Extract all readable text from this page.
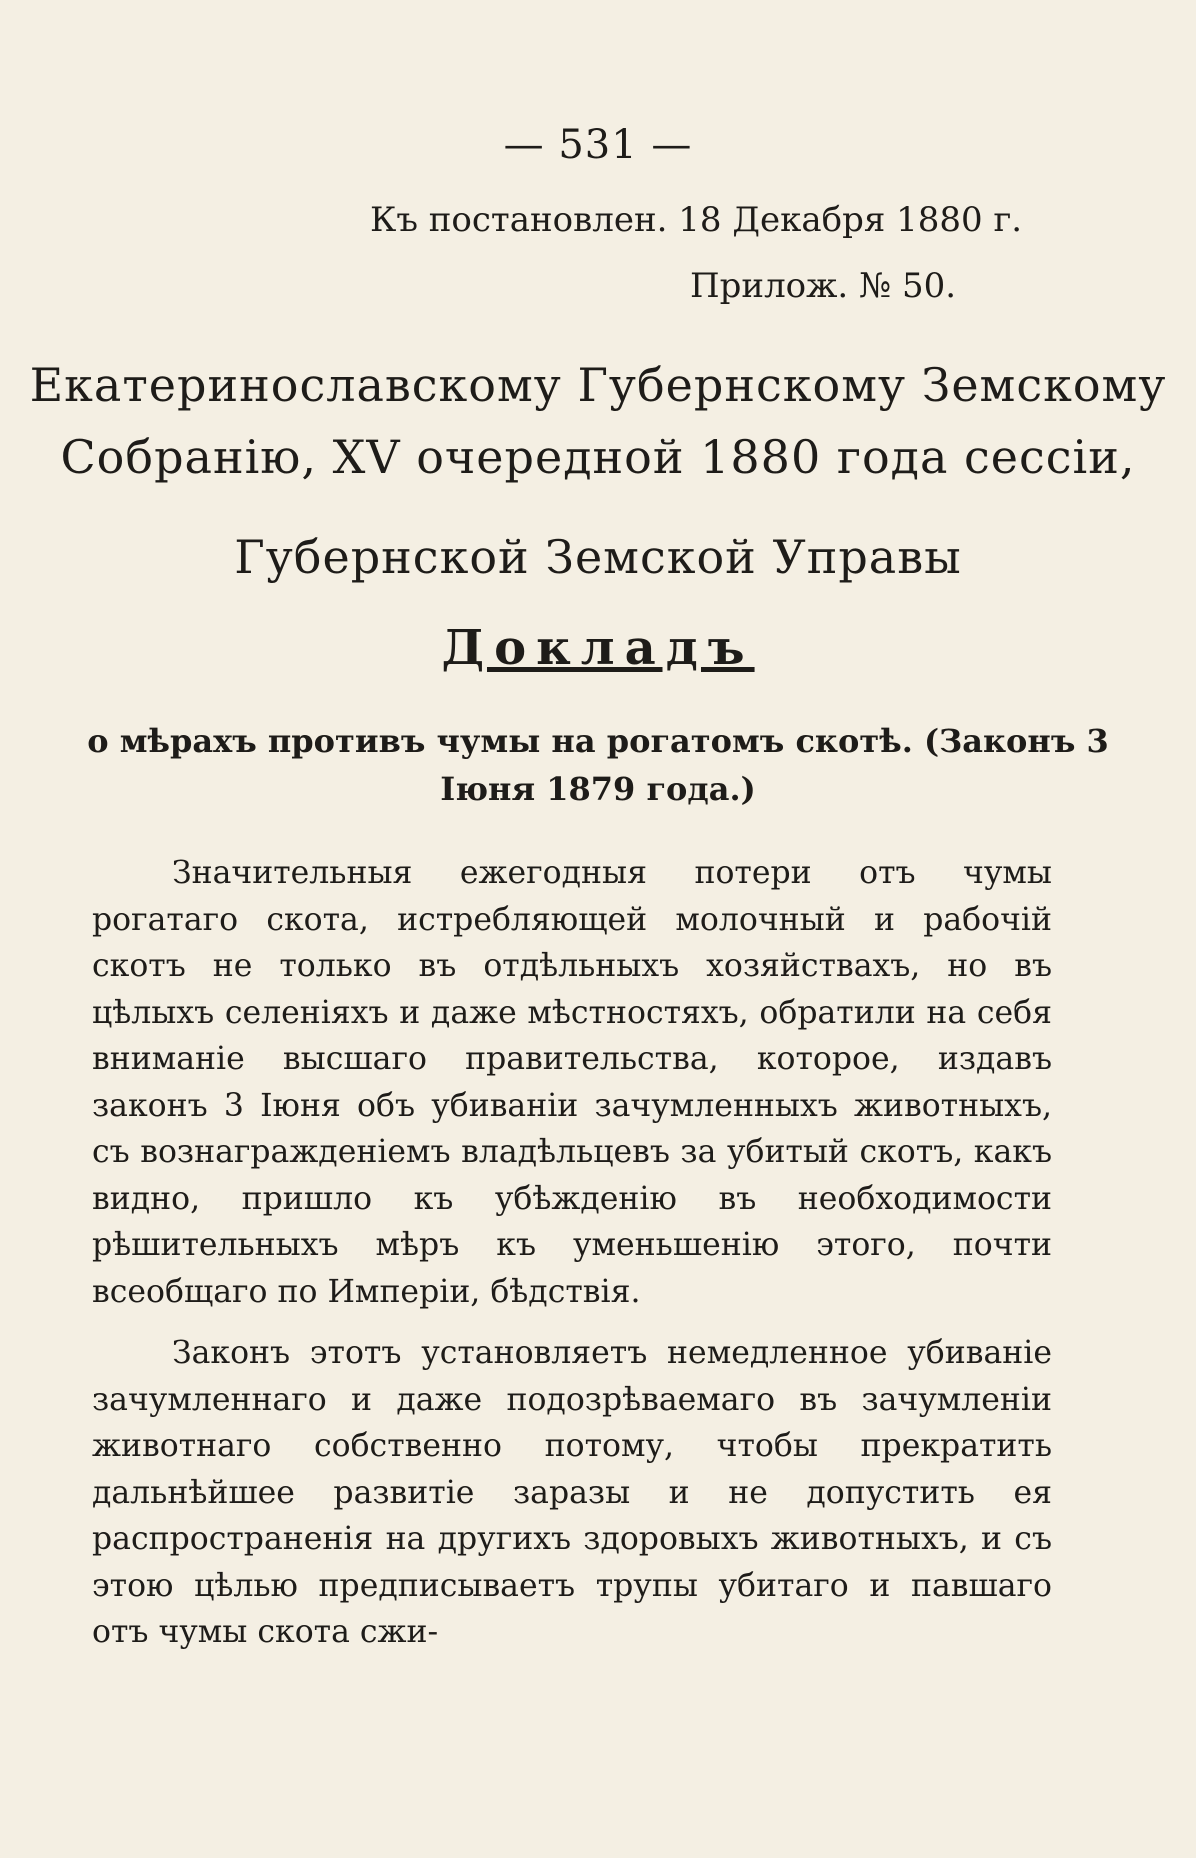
— 531 —
Къ постановлен. 18 Декабря 1880 г.
Прилож. № 50.
Екатеринославскому Губернскому Земскому
Собранію, XV очередной 1880 года сессіи,
Губернской Земской Управы
Докладъ
о мѣрахъ противъ чумы на рогатомъ скотѣ. (Законъ 3
Іюня 1879 года.)

Значительныя ежегодныя потери отъ чумы рогатаго скота, истребляющей молочный и рабочій скотъ не только въ отдѣльныхъ хозяйствахъ, но въ цѣлыхъ селеніяхъ и даже мѣстностяхъ, обратили на себя вниманіе высшаго правительства, которое, издавъ законъ 3 Іюня объ убиваніи зачумленныхъ животныхъ, съ вознагражденіемъ владѣльцевъ за убитый скотъ, какъ видно, пришло къ убѣжденію въ необходимости рѣшительныхъ мѣръ къ уменьшенію этого, почти всеобщаго по Имперіи, бѣдствія.

Законъ этотъ установляетъ немедленное убиваніе зачумленнаго и даже подозрѣваемаго въ зачумленіи животнаго собственно потому, чтобы прекратить дальнѣйшее развитіе заразы и не допустить ея распространенія на другихъ здоровыхъ животныхъ, и съ этою цѣлью предписываетъ трупы убитаго и павшаго отъ чумы скота сжи-
